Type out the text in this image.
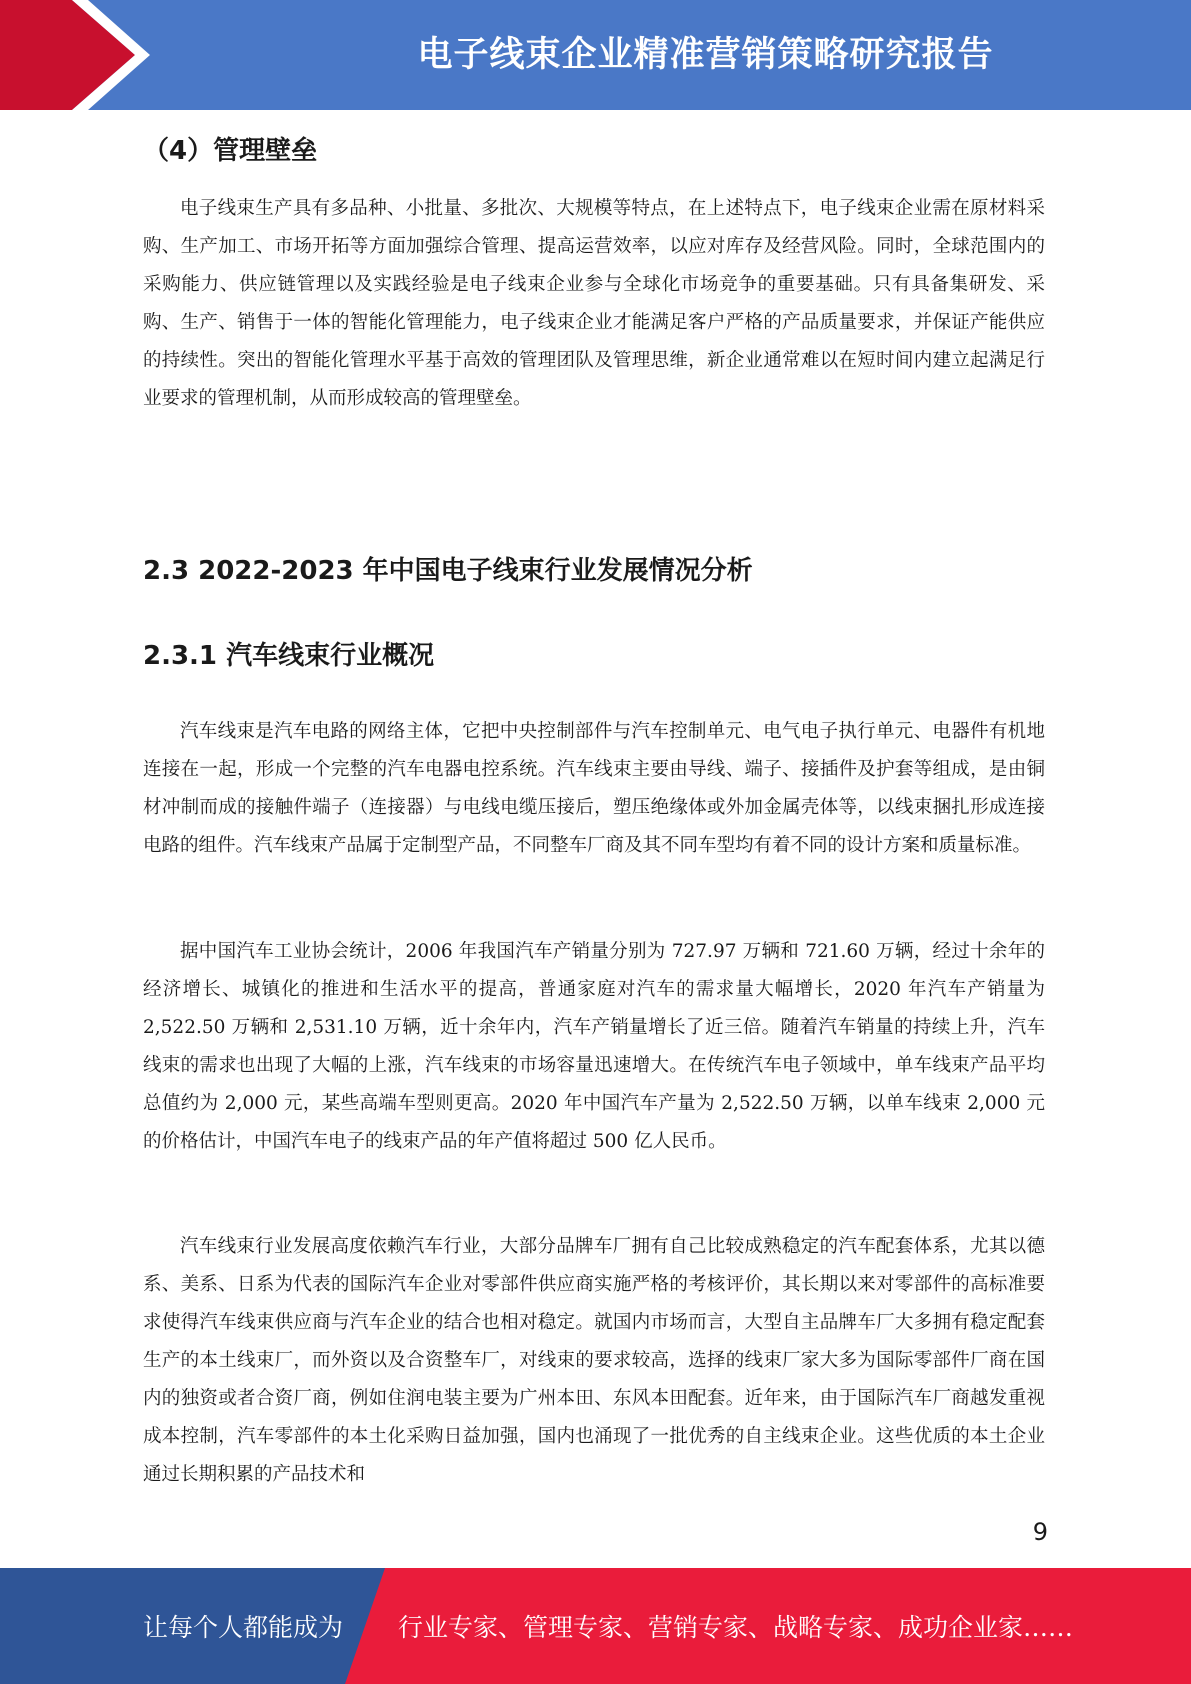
电子线束企业精准营销策略研究报告
（4）管理壁垒

电子线束生产具有多品种、小批量、多批次、大规模等特点，在上述特点下，电子线束企业需在原材料采购、生产加工、市场开拓等方面加强综合管理、提高运营效率，以应对库存及经营风险。同时，全球范围内的采购能力、供应链管理以及实践经验是电子线束企业参与全球化市场竞争的重要基础。只有具备集研发、采购、生产、销售于一体的智能化管理能力，电子线束企业才能满足客户严格的产品质量要求，并保证产能供应的持续性。突出的智能化管理水平基于高效的管理团队及管理思维，新企业通常难以在短时间内建立起满足行业要求的管理机制，从而形成较高的管理壁垒。

2.3 2022-2023 年中国电子线束行业发展情况分析
2.3.1 汽车线束行业概况

汽车线束是汽车电路的网络主体，它把中央控制部件与汽车控制单元、电气电子执行单元、电器件有机地连接在一起，形成一个完整的汽车电器电控系统。汽车线束主要由导线、端子、接插件及护套等组成，是由铜材冲制而成的接触件端子（连接器）与电线电缆压接后，塑压绝缘体或外加金属壳体等，以线束捆扎形成连接电路的组件。汽车线束产品属于定制型产品，不同整车厂商及其不同车型均有着不同的设计方案和质量标准。

据中国汽车工业协会统计，2006 年我国汽车产销量分别为 727.97 万辆和 721.60 万辆，经过十余年的经济增长、城镇化的推进和生活水平的提高，普通家庭对汽车的需求量大幅增长，2020 年汽车产销量为 2,522.50 万辆和 2,531.10 万辆，近十余年内，汽车产销量增长了近三倍。随着汽车销量的持续上升，汽车线束的需求也出现了大幅的上涨，汽车线束的市场容量迅速增大。在传统汽车电子领域中，单车线束产品平均总值约为 2,000 元，某些高端车型则更高。2020 年中国汽车产量为 2,522.50 万辆，以单车线束 2,000 元的价格估计，中国汽车电子的线束产品的年产值将超过 500 亿人民币。

汽车线束行业发展高度依赖汽车行业，大部分品牌车厂拥有自己比较成熟稳定的汽车配套体系，尤其以德系、美系、日系为代表的国际汽车企业对零部件供应商实施严格的考核评价，其长期以来对零部件的高标准要求使得汽车线束供应商与汽车企业的结合也相对稳定。就国内市场而言，大型自主品牌车厂大多拥有稳定配套生产的本土线束厂，而外资以及合资整车厂，对线束的要求较高，选择的线束厂家大多为国际零部件厂商在国内的独资或者合资厂商，例如住润电装主要为广州本田、东风本田配套。近年来，由于国际汽车厂商越发重视成本控制，汽车零部件的本土化采购日益加强，国内也涌现了一批优秀的自主线束企业。这些优质的本土企业通过长期积累的产品技术和

9
让每个人都能成为 行业专家、管理专家、营销专家、战略专家、成功企业家……
